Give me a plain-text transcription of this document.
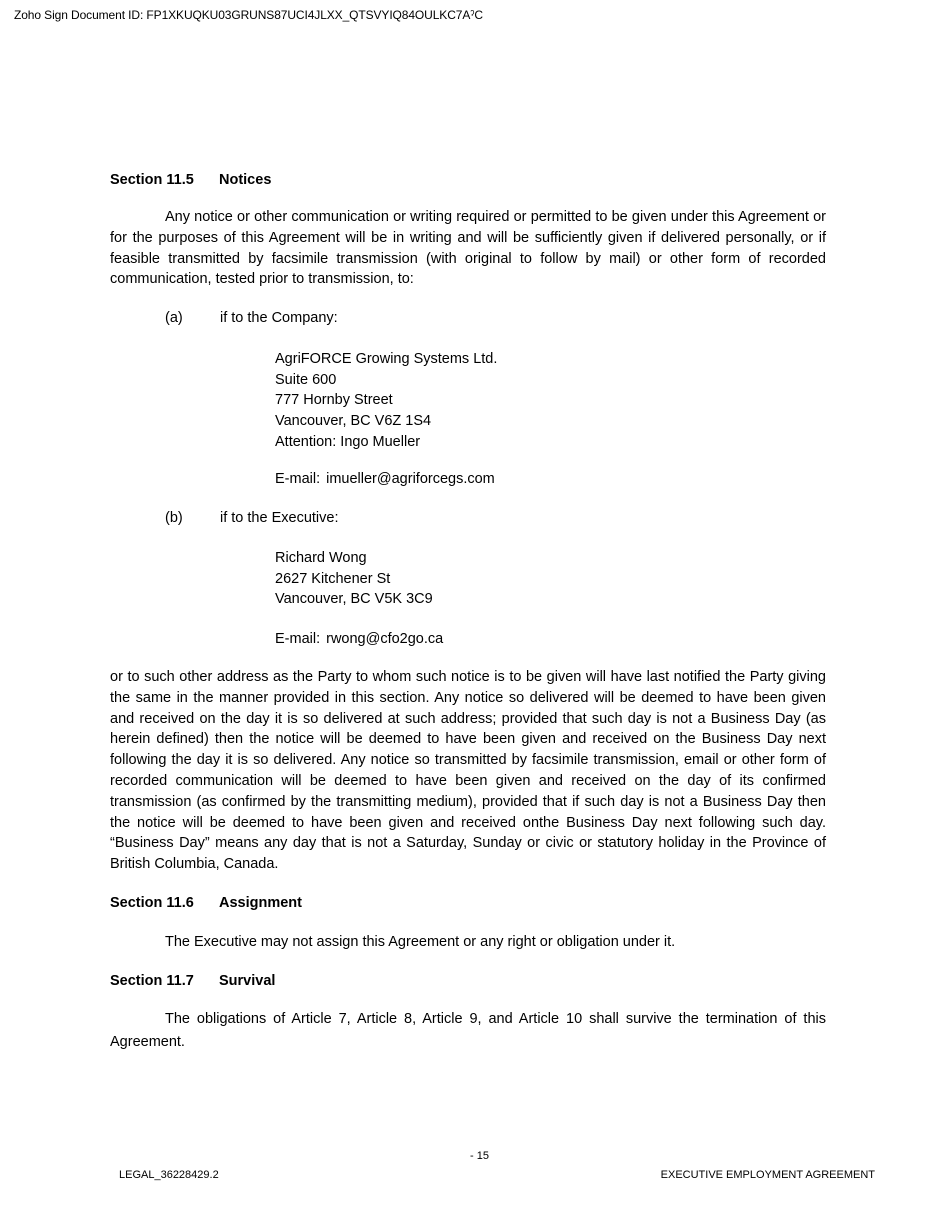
Zoho Sign Document ID: FP1XKUQKU03GRUNS87UCI4JLXX_QTSVYIQ84OULKC7AˀC
Section 11.5 Notices

Any notice or other communication or writing required or permitted to be given under this Agreement or for the purposes of this Agreement will be in writing and will be sufficiently given if delivered personally, or if feasible transmitted by facsimile transmission (with original to follow by mail) or other form of recorded communication, tested prior to transmission, to:

(a)	if to the Company:
AgriFORCE Growing Systems Ltd.
Suite 600
777 Hornby Street
Vancouver, BC V6Z 1S4
Attention: Ingo Mueller
E-mail: imueller@agriforcegs.com
(b)	if to the Executive:
Richard Wong
2627 Kitchener St
Vancouver, BC V5K 3C9
E-mail: rwong@cfo2go.ca

or to such other address as the Party to whom such notice is to be given will have last notified the Party giving the same in the manner provided in this section. Any notice so delivered will be deemed to have been given and received on the day it is so delivered at such address; provided that such day is not a Business Day (as herein defined) then the notice will be deemed to have been given and received on the Business Day next following the day it is so delivered. Any notice so transmitted by facsimile transmission, email or other form of recorded communication will be deemed to have been given and received on the day of its confirmed transmission (as confirmed by the transmitting medium), provided that if such day is not a Business Day then the notice will be deemed to have been given and received onthe Business Day next following such day. “Business Day” means any day that is not a Saturday, Sunday or civic or statutory holiday in the Province of British Columbia, Canada.

Section 11.6 Assignment

The Executive may not assign this Agreement or any right or obligation under it.

Section 11.7 Survival

The obligations of Article 7, Article 8, Article 9, and Article 10 shall survive the termination of this Agreement.

- 15
LEGAL_36228429.2	EXECUTIVE EMPLOYMENT AGREEMENT
